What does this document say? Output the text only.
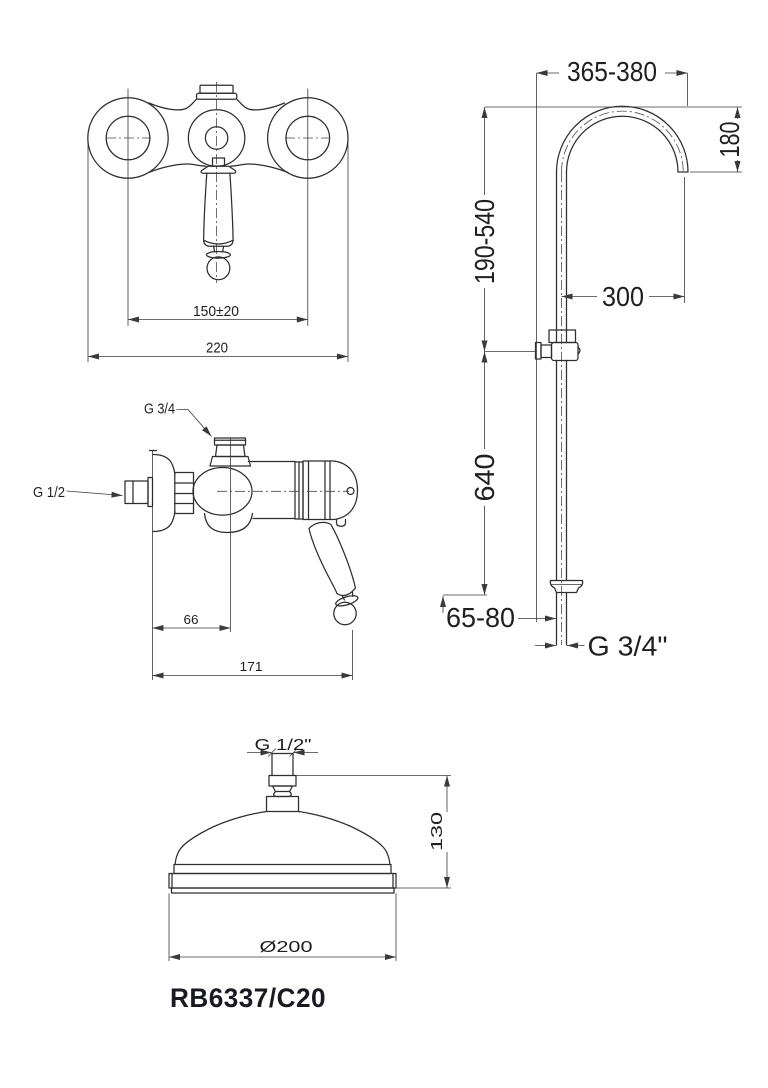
150±20
220
365-380
180
190-540
640
300
65-80
G 3/4"
G 3/4
G 1/2
66
171
G 1/2"
130
Ø200
RB6337/C20
